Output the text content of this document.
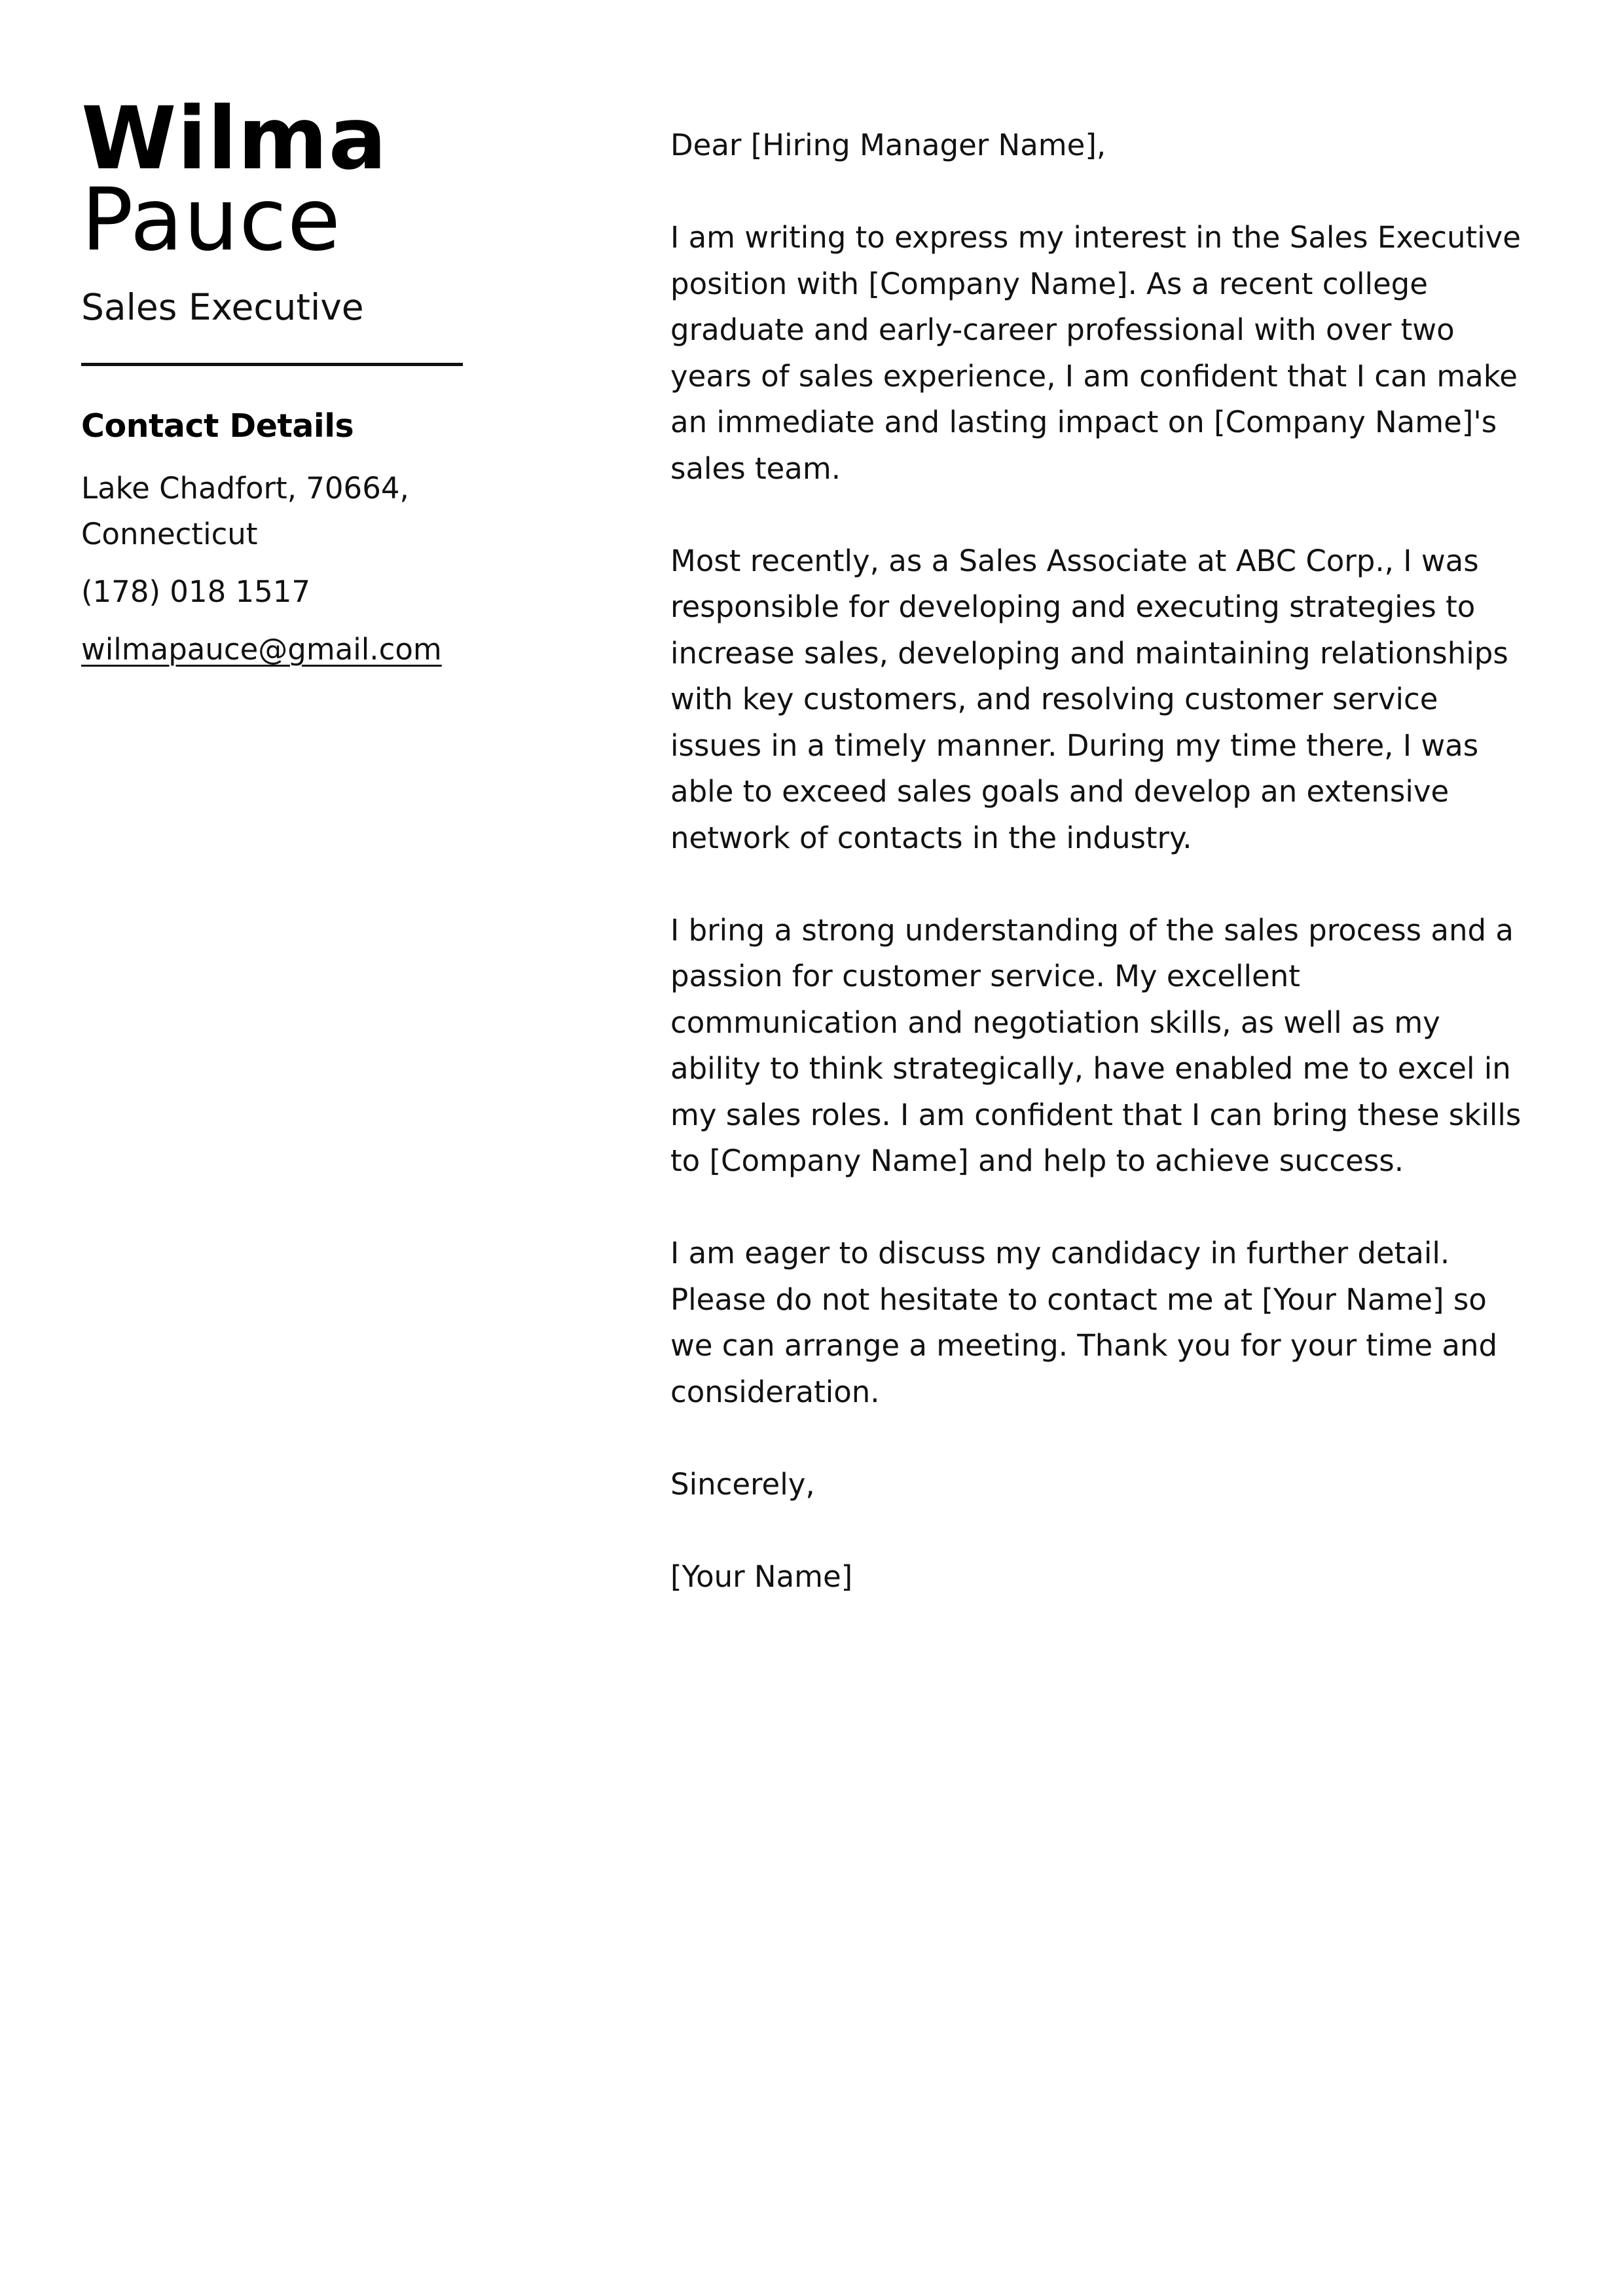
Wilma
Pauce
Sales Executive
Contact Details
Lake Chadfort, 70664, Connecticut
(178) 018 1517
wilmapauce@gmail.com

Dear [Hiring Manager Name],

I am writing to express my interest in the Sales Executive position with [Company Name]. As a recent college graduate and early-career professional with over two years of sales experience, I am confident that I can make an immediate and lasting impact on [Company Name]'s sales team.

Most recently, as a Sales Associate at ABC Corp., I was responsible for developing and executing strategies to increase sales, developing and maintaining relationships with key customers, and resolving customer service issues in a timely manner. During my time there, I was able to exceed sales goals and develop an extensive network of contacts in the industry.

I bring a strong understanding of the sales process and a passion for customer service. My excellent communication and negotiation skills, as well as my ability to think strategically, have enabled me to excel in my sales roles. I am confident that I can bring these skills to [Company Name] and help to achieve success.

I am eager to discuss my candidacy in further detail. Please do not hesitate to contact me at [Your Name] so we can arrange a meeting. Thank you for your time and consideration.

Sincerely,

[Your Name]
